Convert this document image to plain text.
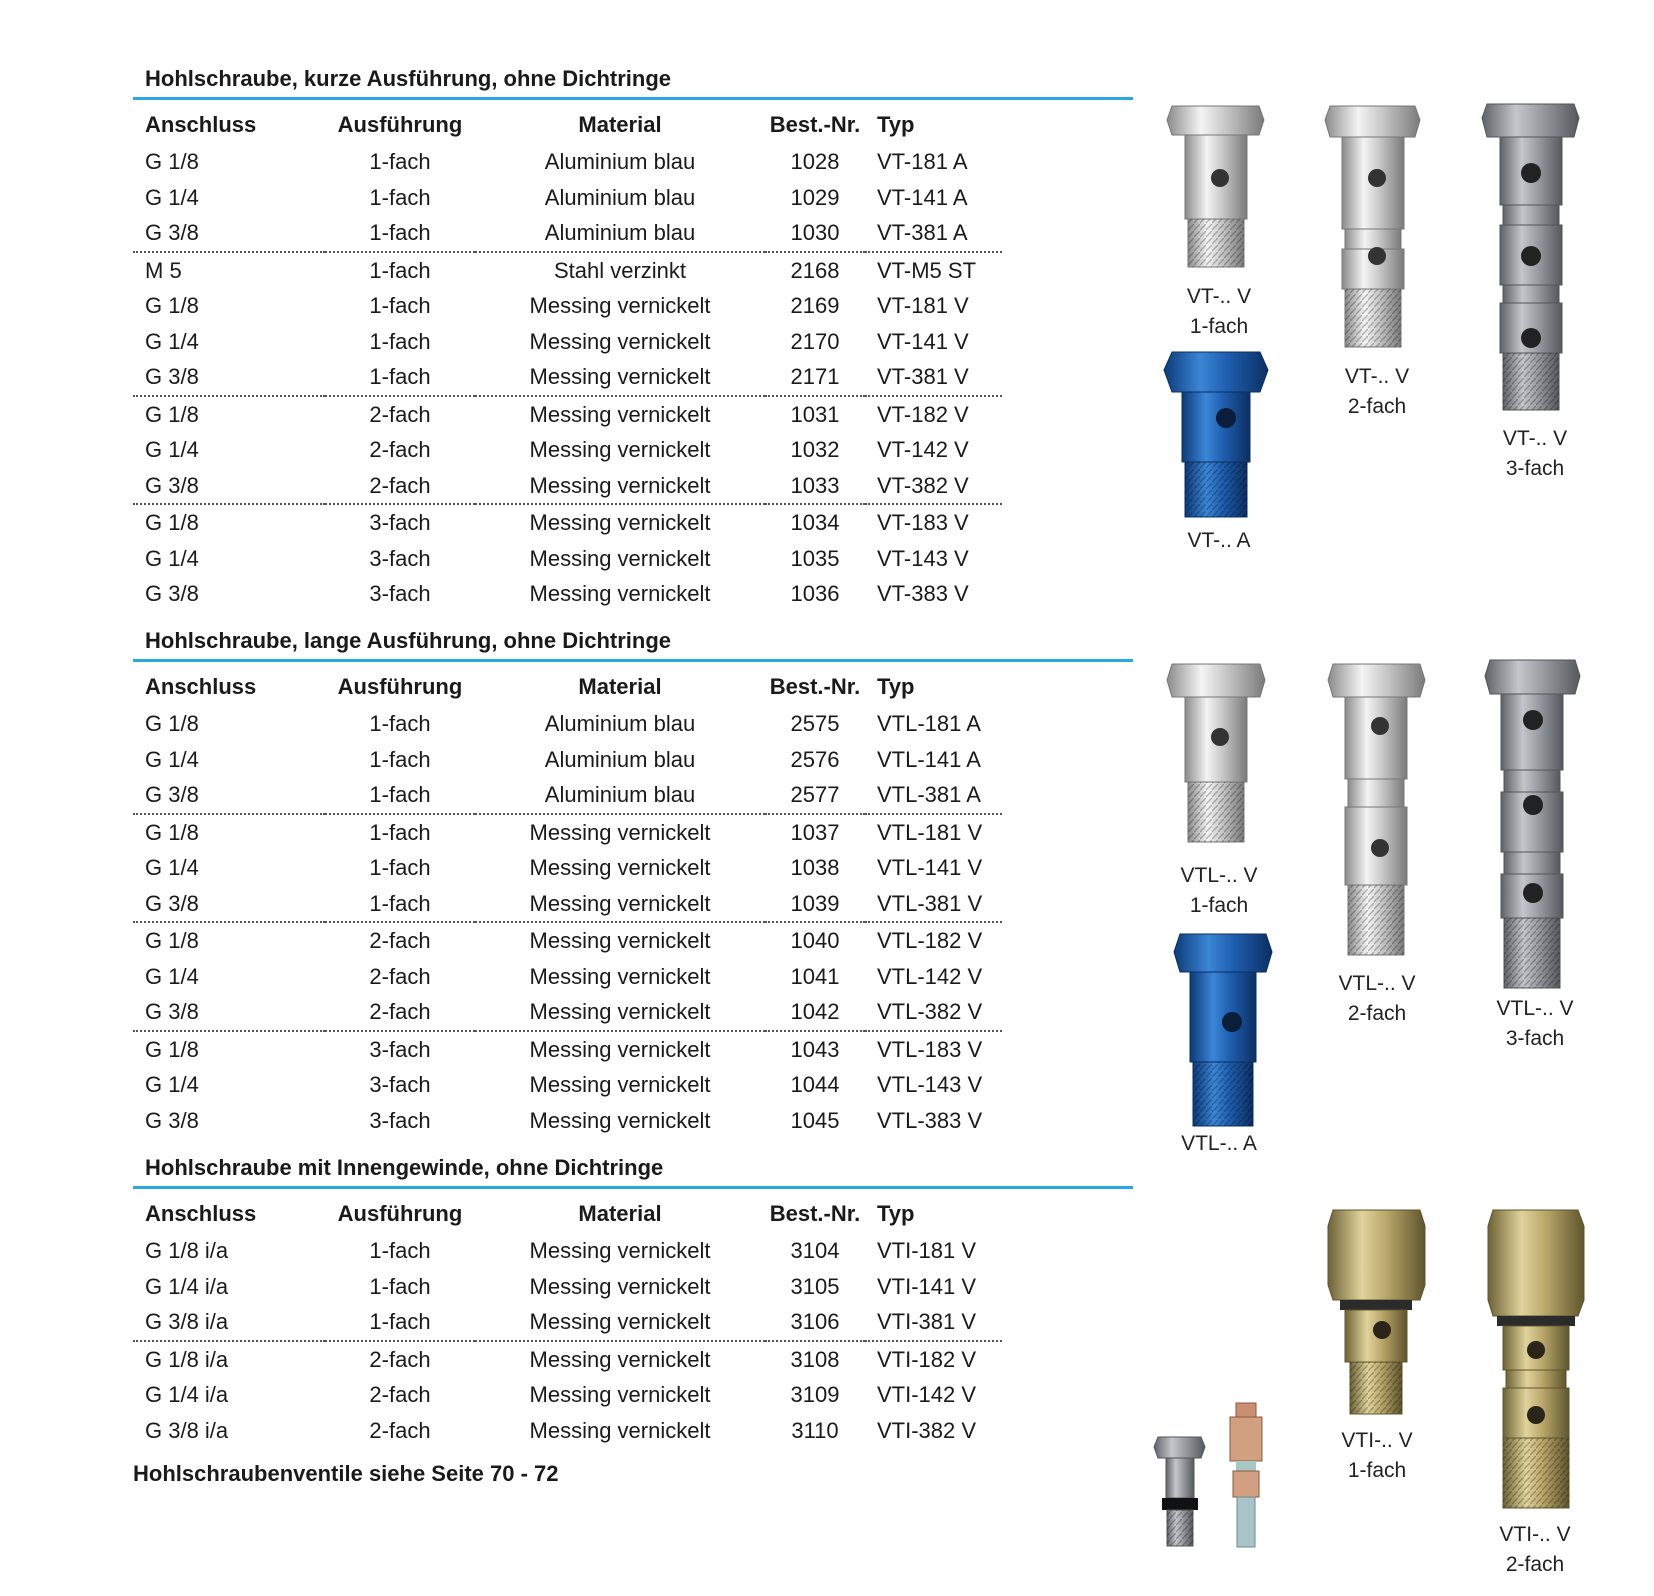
Hohlschraube, kurze Ausführung, ohne Dichtringe
Anschluss	Ausführung	Material	Best.-Nr.	Typ
G 1/8	1-fach	Aluminium blau	1028	VT-181 A
G 1/4	1-fach	Aluminium blau	1029	VT-141 A
G 3/8	1-fach	Aluminium blau	1030	VT-381 A
M 5	1-fach	Stahl verzinkt	2168	VT-M5 ST
G 1/8	1-fach	Messing vernickelt	2169	VT-181 V
G 1/4	1-fach	Messing vernickelt	2170	VT-141 V
G 3/8	1-fach	Messing vernickelt	2171	VT-381 V
G 1/8	2-fach	Messing vernickelt	1031	VT-182 V
G 1/4	2-fach	Messing vernickelt	1032	VT-142 V
G 3/8	2-fach	Messing vernickelt	1033	VT-382 V
G 1/8	3-fach	Messing vernickelt	1034	VT-183 V
G 1/4	3-fach	Messing vernickelt	1035	VT-143 V
G 3/8	3-fach	Messing vernickelt	1036	VT-383 V
Hohlschraube, lange Ausführung, ohne Dichtringe
Anschluss	Ausführung	Material	Best.-Nr.	Typ
G 1/8	1-fach	Aluminium blau	2575	VTL-181 A
G 1/4	1-fach	Aluminium blau	2576	VTL-141 A
G 3/8	1-fach	Aluminium blau	2577	VTL-381 A
G 1/8	1-fach	Messing vernickelt	1037	VTL-181 V
G 1/4	1-fach	Messing vernickelt	1038	VTL-141 V
G 3/8	1-fach	Messing vernickelt	1039	VTL-381 V
G 1/8	2-fach	Messing vernickelt	1040	VTL-182 V
G 1/4	2-fach	Messing vernickelt	1041	VTL-142 V
G 3/8	2-fach	Messing vernickelt	1042	VTL-382 V
G 1/8	3-fach	Messing vernickelt	1043	VTL-183 V
G 1/4	3-fach	Messing vernickelt	1044	VTL-143 V
G 3/8	3-fach	Messing vernickelt	1045	VTL-383 V
Hohlschraube mit Innengewinde, ohne Dichtringe
Anschluss	Ausführung	Material	Best.-Nr.	Typ
G 1/8 i/a	1-fach	Messing vernickelt	3104	VTI-181 V
G 1/4 i/a	1-fach	Messing vernickelt	3105	VTI-141 V
G 3/8 i/a	1-fach	Messing vernickelt	3106	VTI-381 V
G 1/8 i/a	2-fach	Messing vernickelt	3108	VTI-182 V
G 1/4 i/a	2-fach	Messing vernickelt	3109	VTI-142 V
G 3/8 i/a	2-fach	Messing vernickelt	3110	VTI-382 V
Hohlschraubenventile siehe Seite 70 - 72
VT-.. V
1-fach
VT-.. V
2-fach
VT-.. V
3-fach
VT-.. A
VTL-.. V
1-fach
VTL-.. V
2-fach	VTL-.. V
3-fach
VTL-.. A
VTI-.. V
1-fach
VTI-.. V
2-fach
